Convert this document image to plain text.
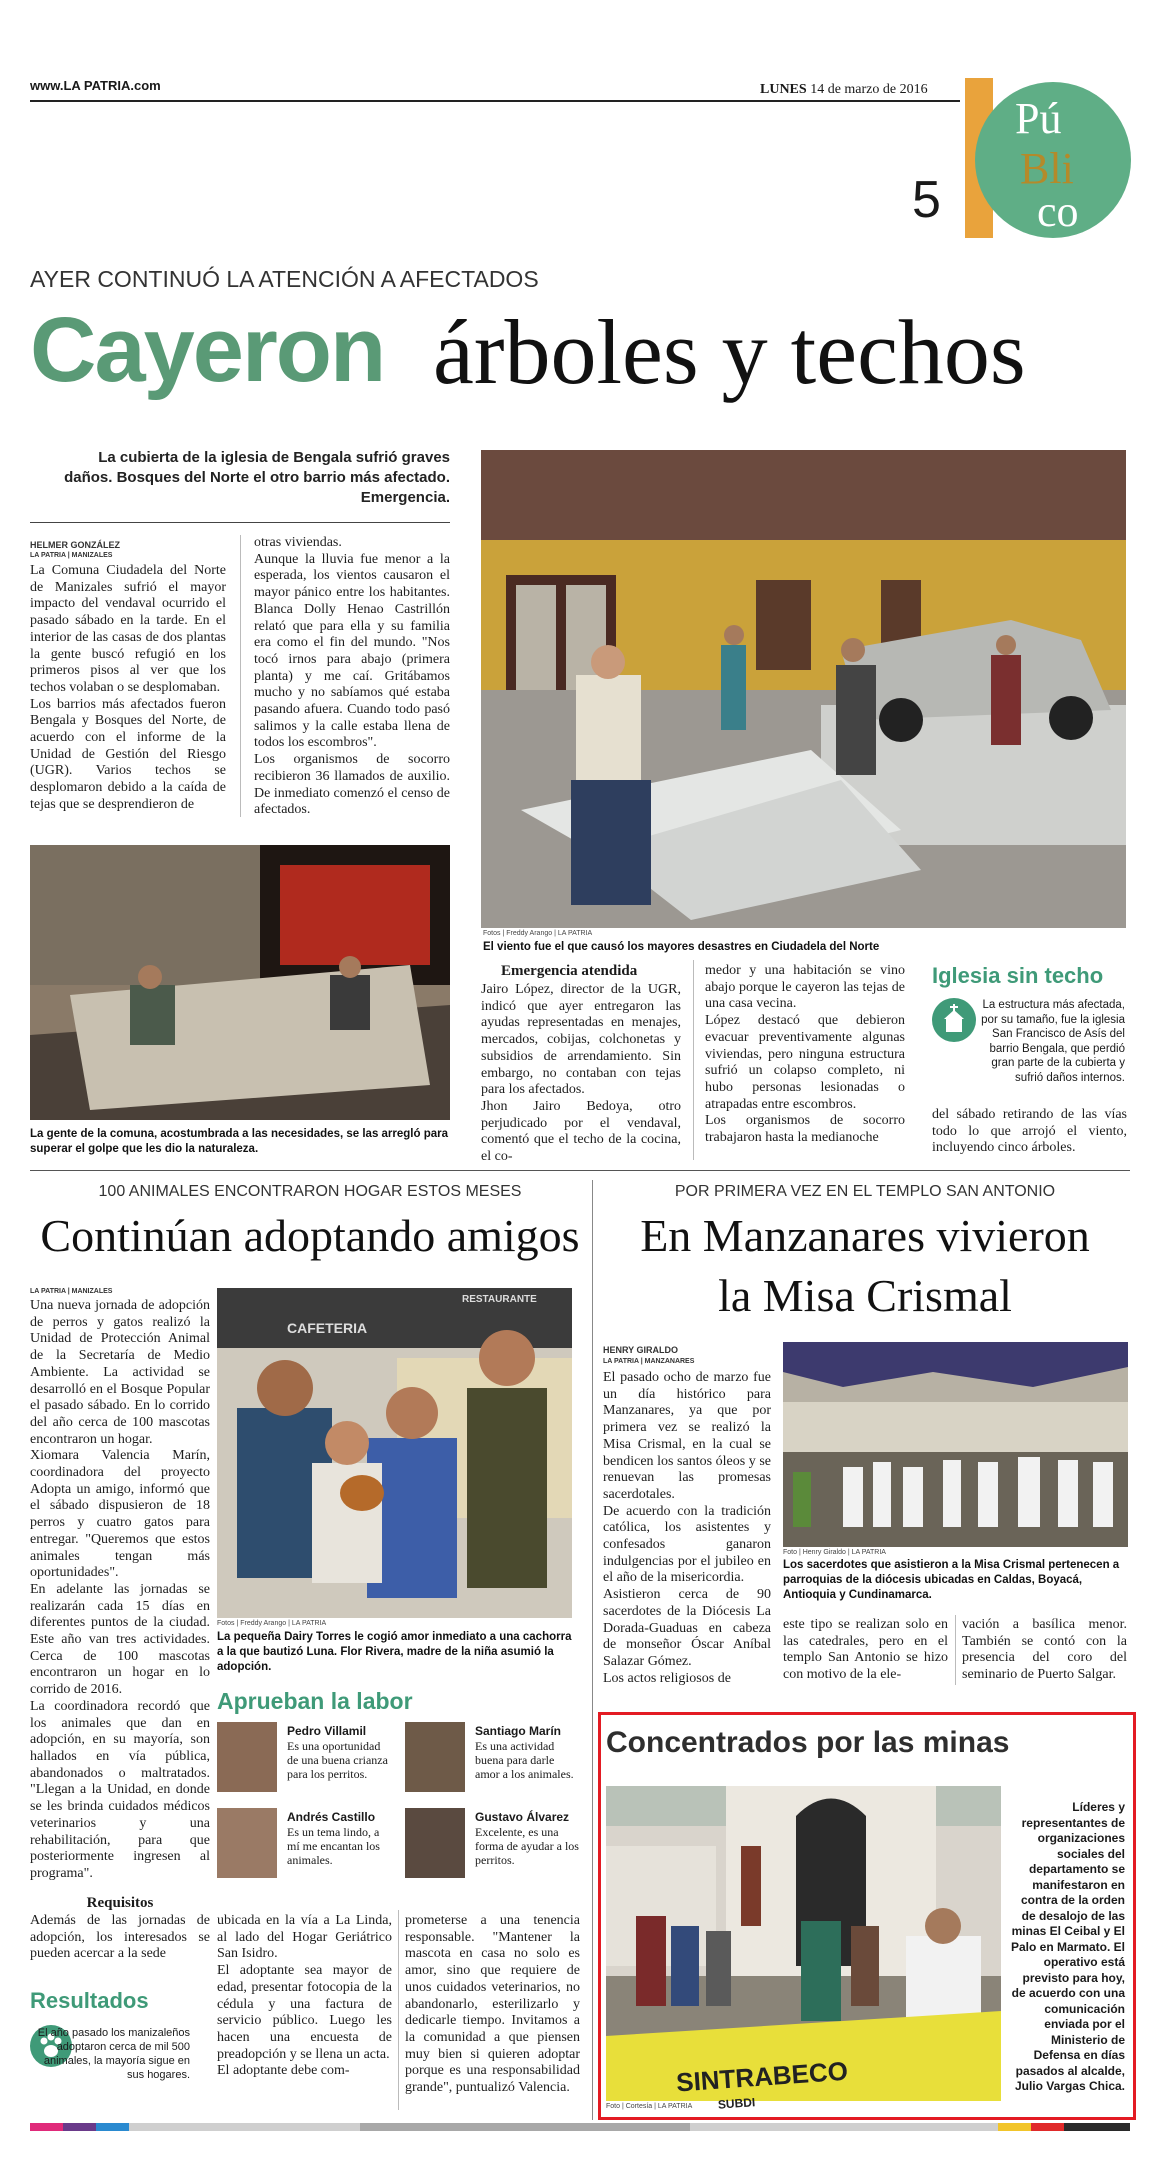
www.LA PATRIA.com	LUNES 14 de marzo de 2016
5
Pú
Bli
co
AYER CONTINUÓ LA ATENCIÓN A AFECTADOS
Cayeron árboles y techos
La cubierta de la iglesia de Bengala sufrió graves daños. Bosques del Norte el otro barrio más afectado. Emergencia.
HELMER GONZÁLEZ
LA PATRIA | MANIZALES
La Comuna Ciudadela del Norte de Manizales sufrió el mayor impacto del vendaval ocurrido el pasado sábado en la tarde. En el interior de las casas de dos plantas la gente buscó refugió en los primeros pisos al ver que los techos volaban o se desplomaban.
Los barrios más afectados fueron Bengala y Bosques del Norte, de acuerdo con el informe de la Unidad de Gestión del Riesgo (UGR). Varios techos se desplomaron debido a la caída de tejas que se desprendieron de
otras viviendas.
Aunque la lluvia fue menor a la esperada, los vientos causaron el mayor pánico entre los habitantes. Blanca Dolly Henao Castrillón relató que para ella y su familia era como el fin del mundo. "Nos tocó irnos para abajo (primera planta) y me caí. Gritábamos mucho y no sabíamos qué estaba pasando afuera. Cuando todo pasó salimos y la calle estaba llena de todos los escombros".
Los organismos de socorro recibieron 36 llamados de auxilio. De inmediato comenzó el censo de afectados.
Fotos | Freddy Arango | LA PATRIA
El viento fue el que causó los mayores desastres en Ciudadela del Norte
La gente de la comuna, acostumbrada a las necesidades, se las arregló para superar el golpe que les dio la naturaleza.
Emergencia atendida
Jairo López, director de la UGR, indicó que ayer entregaron las ayudas representadas en menajes, mercados, cobijas, colchonetas y subsidios de arrendamiento. Sin embargo, no contaban con tejas para los afectados.
Jhon Jairo Bedoya, otro perjudicado por el vendaval, comentó que el techo de la cocina, el co-
medor y una habitación se vino abajo porque le cayeron las tejas de una casa vecina.
López destacó que debieron evacuar preventivamente algunas viviendas, pero ninguna estructura sufrió un colapso completo, ni hubo personas lesionadas o atrapadas entre escombros.
Los organismos de socorro trabajaron hasta la medianoche
Iglesia sin techo
La estructura más afectada, por su tamaño, fue la iglesia San Francisco de Asís del barrio Bengala, que perdió gran parte de la cubierta y sufrió daños internos.
del sábado retirando de las vías todo lo que arrojó el viento, incluyendo cinco árboles.
100 ANIMALES ENCONTRARON HOGAR ESTOS MESES
Continúan adoptando amigos
LA PATRIA | MANIZALES
Una nueva jornada de adopción de perros y gatos realizó la Unidad de Protección Animal de la Secretaría de Medio Ambiente. La actividad se desarrolló en el Bosque Popular el pasado sábado. En lo corrido del año cerca de 100 mascotas encontraron un hogar.
Xiomara Valencia Marín, coordinadora del proyecto Adopta un amigo, informó que el sábado dispusieron de 18 perros y cuatro gatos para entregar. "Queremos que estos animales tengan más oportunidades".
En adelante las jornadas se realizarán cada 15 días en diferentes puntos de la ciudad. Este año van tres actividades. Cerca de 100 mascotas encontraron un hogar en lo corrido de 2016.
La coordinadora recordó que los animales que dan en adopción, en su mayoría, son hallados en vía pública, abandonados o maltratados. "Llegan a la Unidad, en donde se les brinda cuidados médicos veterinarios y una rehabilitación, para que posteriormente ingresen al programa".
Requisitos
Además de las jornadas de adopción, los interesados se pueden acercar a la sede
Resultados
El año pasado los manizaleños adoptaron cerca de mil 500 animales, la mayoría sigue en sus hogares.
CAFETERIA
RESTAURANTE
Fotos | Freddy Arango | LA PATRIA
La pequeña Dairy Torres le cogió amor inmediato a una cachorra a la que bautizó Luna. Flor Rivera, madre de la niña asumió la adopción.
Aprueban la labor
Pedro Villamil
Es una oportunidad de una buena crianza para los perritos.
Santiago Marín
Es una actividad buena para darle amor a los animales.
Andrés Castillo
Es un tema lindo, a mí me encantan los animales.
Gustavo Álvarez
Excelente, es una forma de ayudar a los perritos.
ubicada en la vía a La Linda, al lado del Hogar Geriátrico San Isidro.
El adoptante sea mayor de edad, presentar fotocopia de la cédula y una factura de servicio público. Luego les hacen una encuesta de preadopción y se llena un acta.
El adoptante debe com-
prometerse a una tenencia responsable. "Mantener la mascota en casa no solo es amor, sino que requiere de unos cuidados veterinarios, no abandonarlo, esterilizarlo y dedicarle tiempo. Invitamos a la comunidad a que piensen muy bien si quieren adoptar porque es una responsabilidad grande", puntualizó Valencia.
POR PRIMERA VEZ EN EL TEMPLO SAN ANTONIO
En Manzanares vivieron
la Misa Crismal
HENRY GIRALDO
LA PATRIA | MANZANARES
El pasado ocho de marzo fue un día histórico para Manzanares, ya que por primera vez se realizó la Misa Crismal, en la cual se bendicen los santos óleos y se renuevan las promesas sacerdotales.
De acuerdo con la tradición católica, los asistentes y confesados ganaron indulgencias por el jubileo en el año de la misericordia.
Asistieron cerca de 90 sacerdotes de la Diócesis La Dorada-Guaduas en cabeza de monseñor Óscar Aníbal Salazar Gómez.
Los actos religiosos de
Foto | Henry Giraldo | LA PATRIA
Los sacerdotes que asistieron a la Misa Crismal pertenecen a parroquias de la diócesis ubicadas en Caldas, Boyacá, Antioquia y Cundinamarca.
este tipo se realizan solo en las catedrales, pero en el templo San Antonio se hizo con motivo de la ele-
vación a basílica menor. También se contó con la presencia del coro del seminario de Puerto Salgar.
Concentrados por las minas
SINTRABECO
SUBDI
Foto | Cortesía | LA PATRIA
Líderes y representantes de organizaciones sociales del departamento se manifestaron en contra de la orden de desalojo de las minas El Ceibal y El Palo en Marmato. El operativo está previsto para hoy, de acuerdo con una comunicación enviada por el Ministerio de Defensa en días pasados al alcalde, Julio Vargas Chica.
